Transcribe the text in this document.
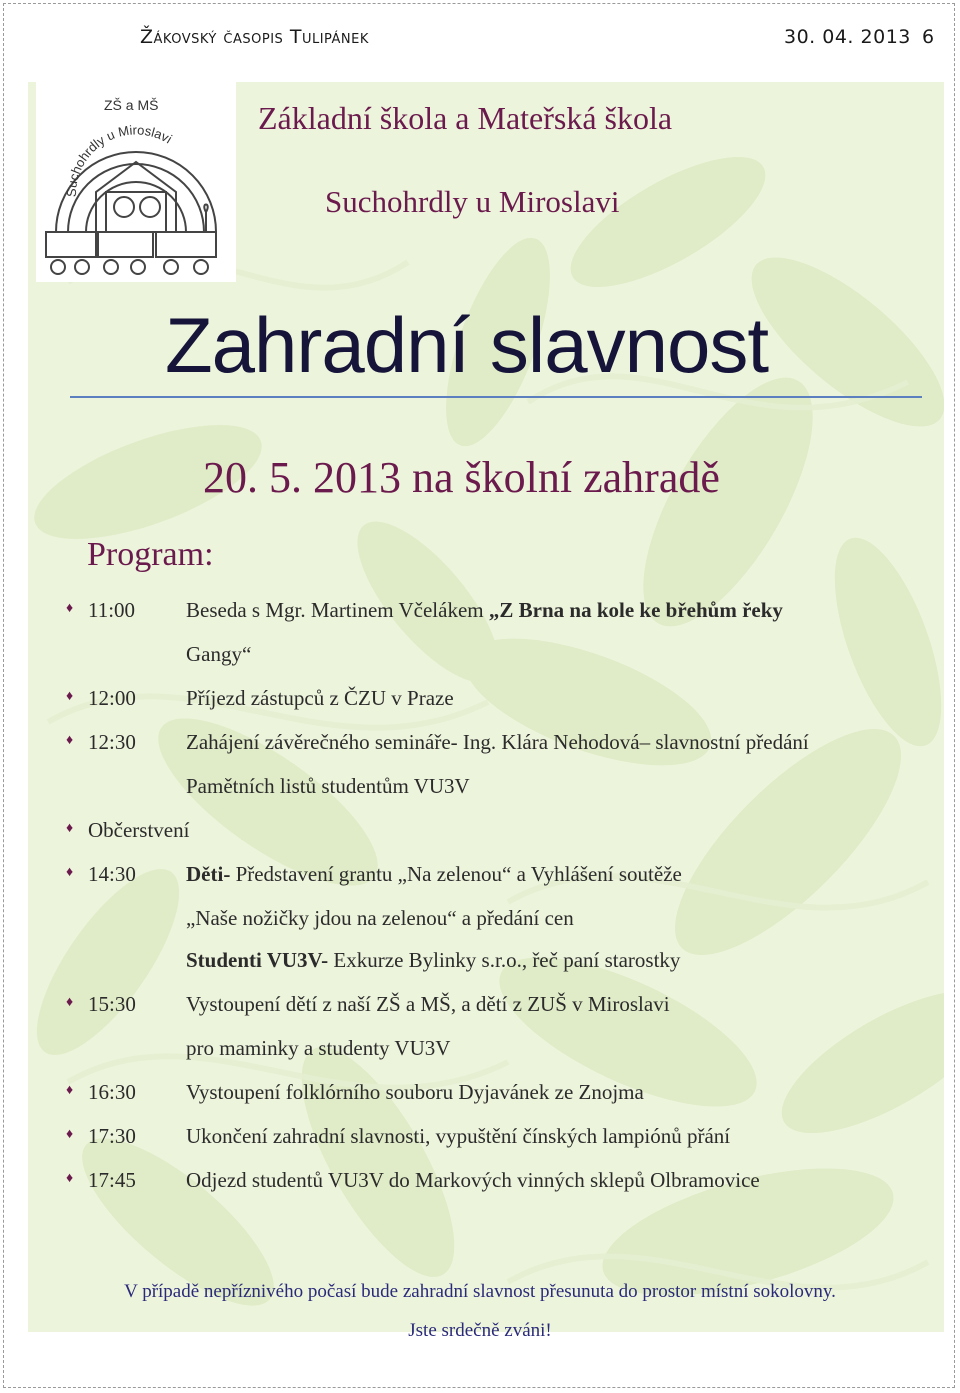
Žákovský časopis Tulipánek	30. 04. 2013 6
ZŠ a MŠ
Suchohrdly u Miroslavi
Základní škola a Mateřská škola
Suchohrdly u Miroslavi
Zahradní slavnost
20. 5. 2013 na školní zahradě
Program:
♦ 11:00 Beseda s Mgr. Martinem Včelákem „Z Brna na kole ke břehům řeky
Gangy“
♦ 12:00 Příjezd zástupců z ČZU v Praze
♦ 12:30 Zahájení závěrečného semináře- Ing. Klára Nehodová– slavnostní předání
Pamětních listů studentům VU3V
♦ Občerstvení
♦ 14:30 Děti- Představení grantu „Na zelenou“ a Vyhlášení soutěže
„Naše nožičky jdou na zelenou“ a předání cen
Studenti VU3V- Exkurze Bylinky s.r.o., řeč paní starostky
♦ 15:30 Vystoupení dětí z naší ZŠ a MŠ, a dětí z ZUŠ v Miroslavi
pro maminky a studenty VU3V
♦ 16:30 Vystoupení folklórního souboru Dyjavánek ze Znojma
♦ 17:30 Ukončení zahradní slavnosti, vypuštění čínských lampiónů přání
♦ 17:45 Odjezd studentů VU3V do Markových vinných sklepů Olbramovice
V případě nepříznivého počasí bude zahradní slavnost přesunuta do prostor místní sokolovny.
Jste srdečně zváni!
